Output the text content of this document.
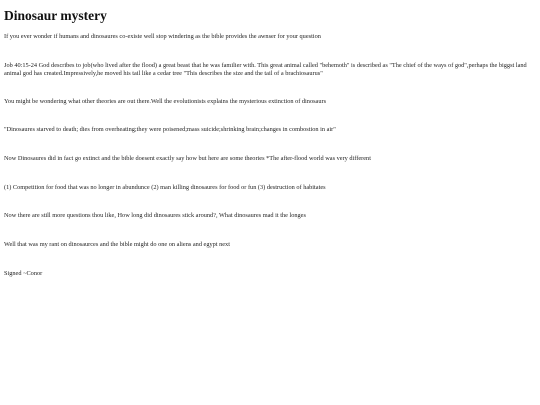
Dinosaur mystery

If you ever wonder if humans and dinosaures co-existe well stop windering as the bible provides the awnser for your question

Job 40:15-24 God describes to job(who lived after the flood) a great beast that he was familier with. This great animal called "behemoth" is described as "The chief of the ways of god",perhaps the biggst land animal god has created.Impressively,he moved his tail like a cedar tree "This describes the size and the tail of a brachiosaurus"

You might be wondering what other theories are out there.Well the evolutionists explains the mysterious extinction of dinosaurs

"Dinosaures starved to death; dies from overheating;they were poisened;mass suicide;shrinking brain;changes in combostion in air"

Now Dinosaures did in fact go extinct and the bible doesent exactly say how but here are some theories *The after-flood world was very different

(1) Competition for food that was no longer in abundunce (2) man killing dinosaures for food or fun (3) destruction of habitates

Now there are still more questions thou like, How long did dinosaures stick around?, What dinosaures mad it the longes

Well that was my rant on dinosaurces and the bible might do one on aliens and egypt next

Signed ~Conor
